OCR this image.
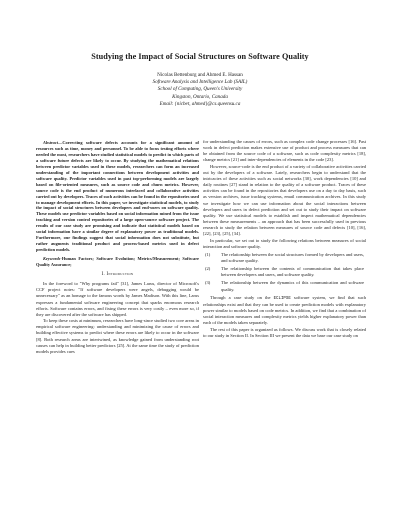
Studying the Impact of Social Structures on Software Quality
Nicolas Bettenburg and Ahmed E. Hassan
Software Analysis and Intelligence Lab (SAIL)
School of Computing, Queen's University
Kingston, Ontario, Canada
Email: {nicbet, ahmed}@cs.queensu.ca

Abstract—Correcting software defects accounts for a significant amount of resources such as time, money and personnel. To be able to focus testing efforts where needed the most, researchers have studied statistical models to predict in which parts of a software future defects are likely to occur. By studying the mathematical relations between predictor variables used in these models, researchers can form an increased understanding of the important connections between development activities and software quality. Predictor variables used in past top-performing models are largely based on file-oriented measures, such as source code and churn metrics. However, source code is the end product of numerous interlaced and collaborative activities carried out by developers. Traces of such activities can be found in the repositories used to manage development efforts. In this paper, we investigate statistical models, to study the impact of social structures between developers and end-users on software quality. These models use predictor variables based on social information mined from the issue tracking and version control repositories of a large open-source software project. The results of our case study are promising and indicate that statistical models based on social information have a similar degree of explanatory power as traditional models. Furthermore, our findings suggest that social information does not substitute, but rather augments traditional product and process-based metrics used in defect prediction models.

Keywords-Human Factors; Software Evolution; Metrics/Measurement; Software Quality Assurance;

I. Introduction

In the foreword to "Why programs fail" [31], James Larus, director of Microsoft's CCF project notes: "If software developers were angels, debugging would be unnecessary" as an homage to the famous words by James Madison. With this line, Larus expresses a fundamental software engineering concept that sparks enormous research efforts. Software contains errors, and fixing these errors is very costly – even more so, if they are discovered after the software has shipped.

To keep these costs at minimum, researchers have long-since studied two core areas in empirical software engineering: understanding and minimizing the cause of errors and building effective systems to predict where these errors are likely to occur in the software [8]. Both research areas are intertwined, as knowledge gained from understanding root causes can help in building better predictors [25]. At the same time the study of prediction models provides cues

for understanding the causes of errors, such as complex code change processes [16]. Past work in defect prediction makes extensive use of product and process measures that can be obtained from the source code of a software, such as code complexity metrics [18], change metrics [21] and inter-dependencies of elements in the code [23].

However, source-code is the end product of a variety of collaborative activities carried out by the developers of a software. Lately, researchers begin to understand that the intricacies of these activities such as social networks [30], work dependencies [10] and daily routines [27] stand in relation to the quality of a software product. Traces of these activities can be found in the repositories that developers use on a day to day basis, such as version archives, issue tracking systems, email communication archives. In this study we investigate how we can use information about the social interactions between developers and users in defect prediction and set out to study their impact on software quality. We use statistical models to establish and inspect mathematical dependencies between these measurements – an approach that has been successfully used in previous research to study the relation between measures of source code and defects [10], [16], [22], [23], [25], [34].

In particular, we set out to study the following relations between measures of social interaction and software quality.

(1) The relationship between the social structures formed by developers and users, and software quality.
(2) The relationship between the contents of communication that takes place between developers and users, and software quality.
(3) The relationship between the dynamics of this communication and software quality.

Through a case study on the ECLIPSE software system, we find that such relationships exist and that they can be used to create prediction models with explanatory power similar to models based on code metrics. In addition, we find that a combination of social interaction measures and complexity metrics yields higher explanatory power than each of the models taken separately.

The rest of this paper is organized as follows. We discuss work that is closely related to our study in Section II. In Section III we present the data we base our case study on
